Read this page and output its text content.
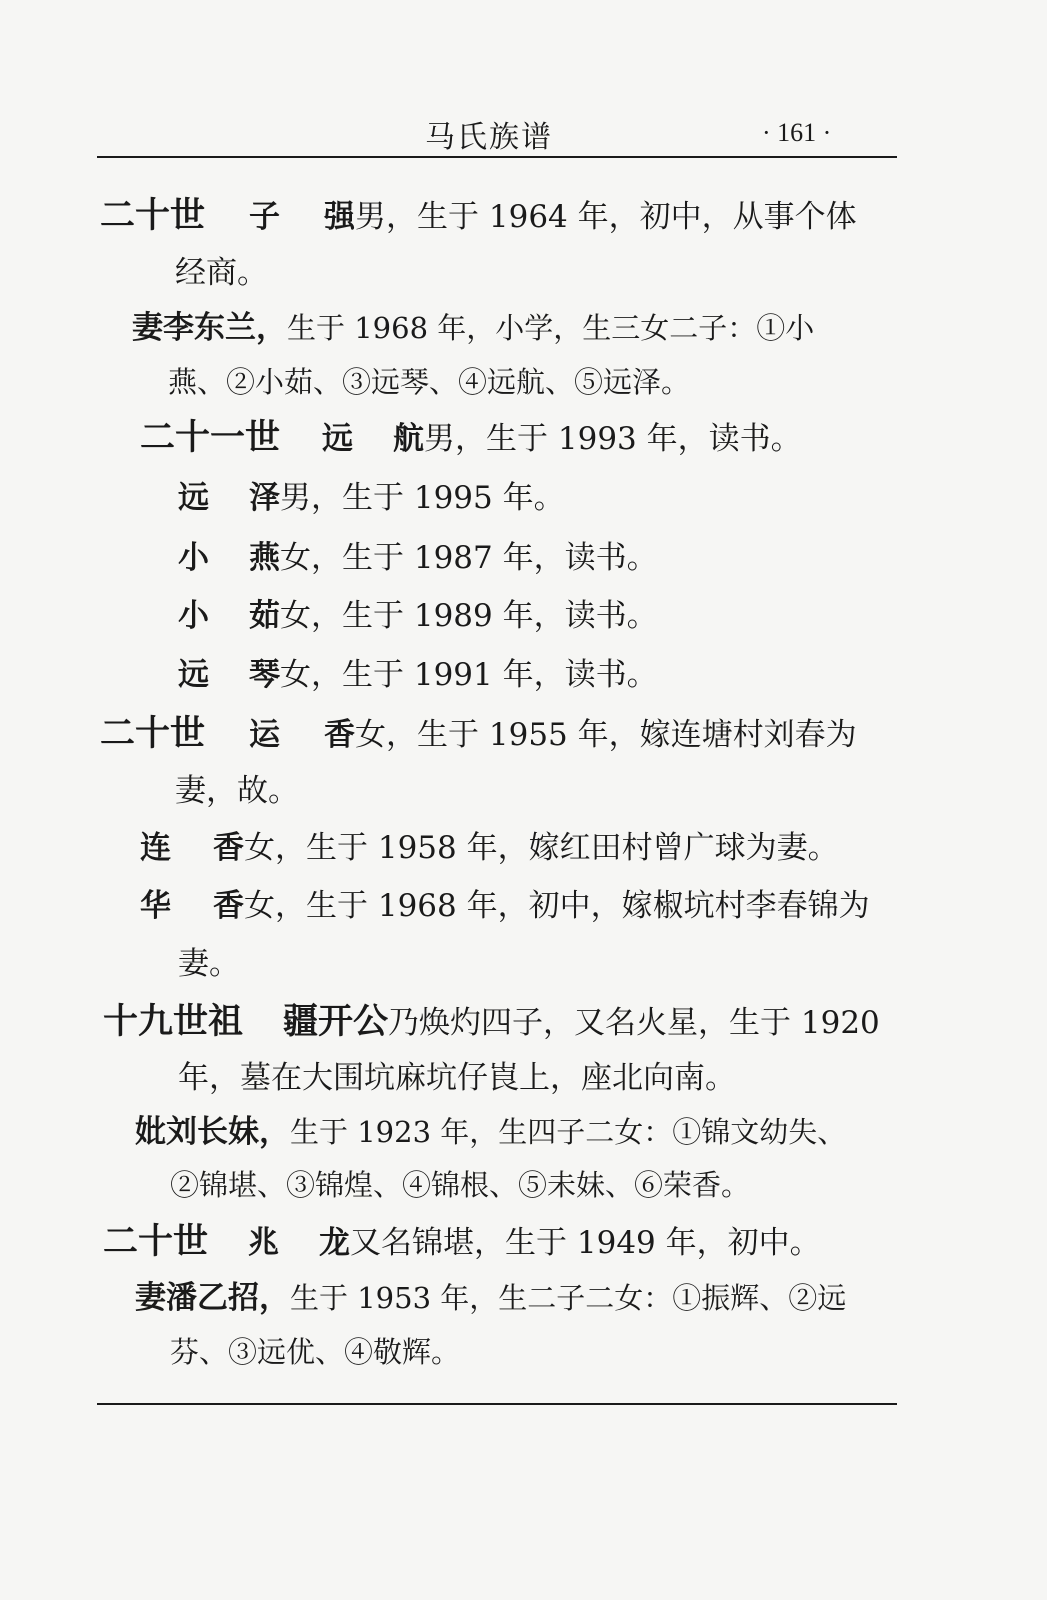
马氏族谱	· 161 ·
二十世 子 强男，生于 1964 年，初中，从事个体
经商。
妻李东兰，生于 1968 年，小学，生三女二子：①小
燕、②小茹、③远琴、④远航、⑤远泽。
二十一世 远 航男，生于 1993 年，读书。
远 泽男，生于 1995 年。
小 燕女，生于 1987 年，读书。
小 茹女，生于 1989 年，读书。
远 琴女，生于 1991 年，读书。
二十世 运 香女，生于 1955 年，嫁连塘村刘春为
妻，故。
连 香女，生于 1958 年，嫁红田村曾广球为妻。
华 香女，生于 1968 年，初中，嫁椒坑村李春锦为
妻。
十九世祖 疆开公乃焕灼四子，又名火星，生于 1920
年，墓在大围坑麻坑仔崀上，座北向南。
妣刘长妹，生于 1923 年，生四子二女：①锦文幼失、
②锦堪、③锦煌、④锦根、⑤未妹、⑥荣香。
二十世 兆 龙又名锦堪，生于 1949 年，初中。
妻潘乙招，生于 1953 年，生二子二女：①振辉、②远
芬、③远优、④敬辉。
